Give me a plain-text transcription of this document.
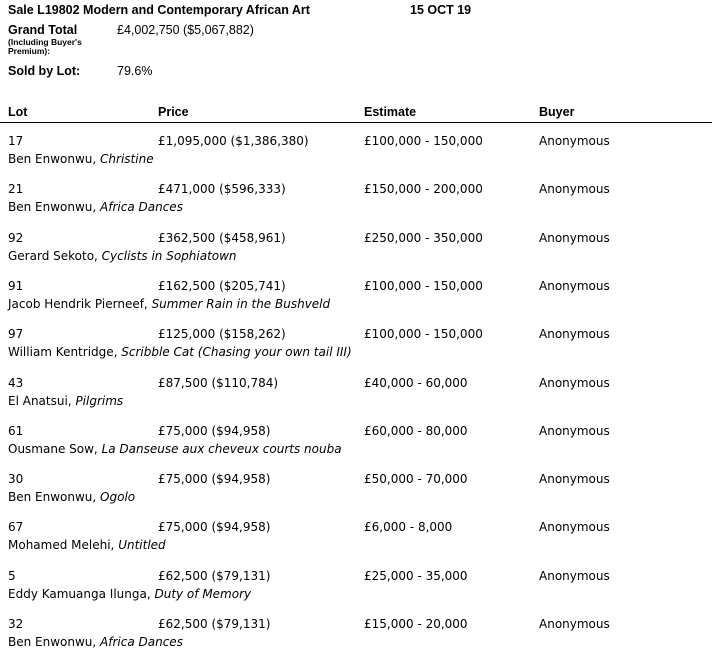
Sale L19802 Modern and Contemporary African Art	15 OCT 19
Grand Total
(Including Buyer's Premium):
£4,002,750 ($5,067,882)
Sold by Lot:	79.6%
Lot	Price	Estimate	Buyer
17	£1,095,000 ($1,386,380)	£100,000 - 150,000	Anonymous
Ben Enwonwu, Christine
21	£471,000 ($596,333)	£150,000 - 200,000	Anonymous
Ben Enwonwu, Africa Dances
92	£362,500 ($458,961)	£250,000 - 350,000	Anonymous
Gerard Sekoto, Cyclists in Sophiatown
91	£162,500 ($205,741)	£100,000 - 150,000	Anonymous
Jacob Hendrik Pierneef, Summer Rain in the Bushveld
97	£125,000 ($158,262)	£100,000 - 150,000	Anonymous
William Kentridge, Scribble Cat (Chasing your own tail III)
43	£87,500 ($110,784)	£40,000 - 60,000	Anonymous
El Anatsui, Pilgrims
61	£75,000 ($94,958)	£60,000 - 80,000	Anonymous
Ousmane Sow, La Danseuse aux cheveux courts nouba
30	£75,000 ($94,958)	£50,000 - 70,000	Anonymous
Ben Enwonwu, Ogolo
67	£75,000 ($94,958)	£6,000 - 8,000	Anonymous
Mohamed Melehi, Untitled
5	£62,500 ($79,131)	£25,000 - 35,000	Anonymous
Eddy Kamuanga Ilunga, Duty of Memory
32	£62,500 ($79,131)	£15,000 - 20,000	Anonymous
Ben Enwonwu, Africa Dances
